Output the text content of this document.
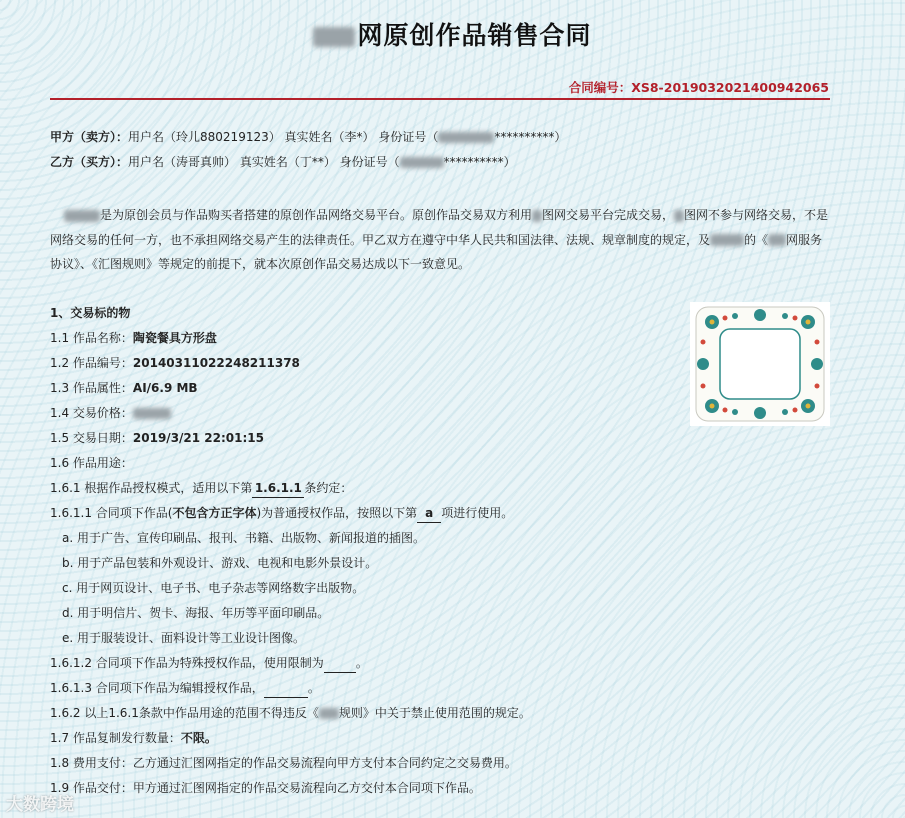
网原创作品销售合同
合同编号：XS8-20190320214009420​65
甲方（卖方）：用户名（玲儿880219123） 真实姓名（李*） 身份证号（	**********）
乙方（买方）：用户名（涛哥真帅） 真实姓名（丁**） 身份证号（	**********）
是为原创会员与作品购买者搭建的原创作品网络交易平台。原创作品交易双方利用 图网交易平台完成交易， 图网不参与网络交易，不是网络交易的任何一方，也不承担网络交易产生的法律责任。甲乙双方在遵守中华人民共和国法律、法规、规章制度的规定，及	的《 网服务协议》、《汇图规则》等规定的前提下，就本次原创作品交易达成以下一致意见。
1、交易标的物
1.1 作品名称：陶瓷餐具方形盘
1.2 作品编号：20140311022248211378
1.3 作品属性：AI/6.9 MB
1.4 交易价格：
1.5 交易日期：2019/3/21 22:01:15
1.6 作品用途：
1.6.1 根据作品授权模式，适用以下第 1.6.1.1 条约定：
1.6.1.1 合同项下作品(不包含方正字体)为普通授权作品，按照以下第 a 项进行使用。
a. 用于广告、宣传印刷品、报刊、书籍、出版物、新闻报道的插图。
b. 用于产品包装和外观设计、游戏、电视和电影外景设计。
c. 用于网页设计、电子书、电子杂志等网络数字出版物。
d. 用于明信片、贺卡、海报、年历等平面印刷品。
e. 用于服装设计、面料设计等工业设计图像。
1.6.1.2 合同项下作品为特殊授权作品，使用限制为	。
1.6.1.3 合同项下作品为编辑授权作品，	。
1.6.2 以上1.6.1条款中作品用途的范围不得违反《 规则》中关于禁止使用范围的规定。
1.7 作品复制发行数量：不限。
1.8 费用支付：乙方通过汇图网指定的作品交易流程向甲方支付本合同约定之交易费用。
1.9 作品交付：甲方通过汇图网指定的作品交易流程向乙方交付本合同项下作品。
大数跨境
